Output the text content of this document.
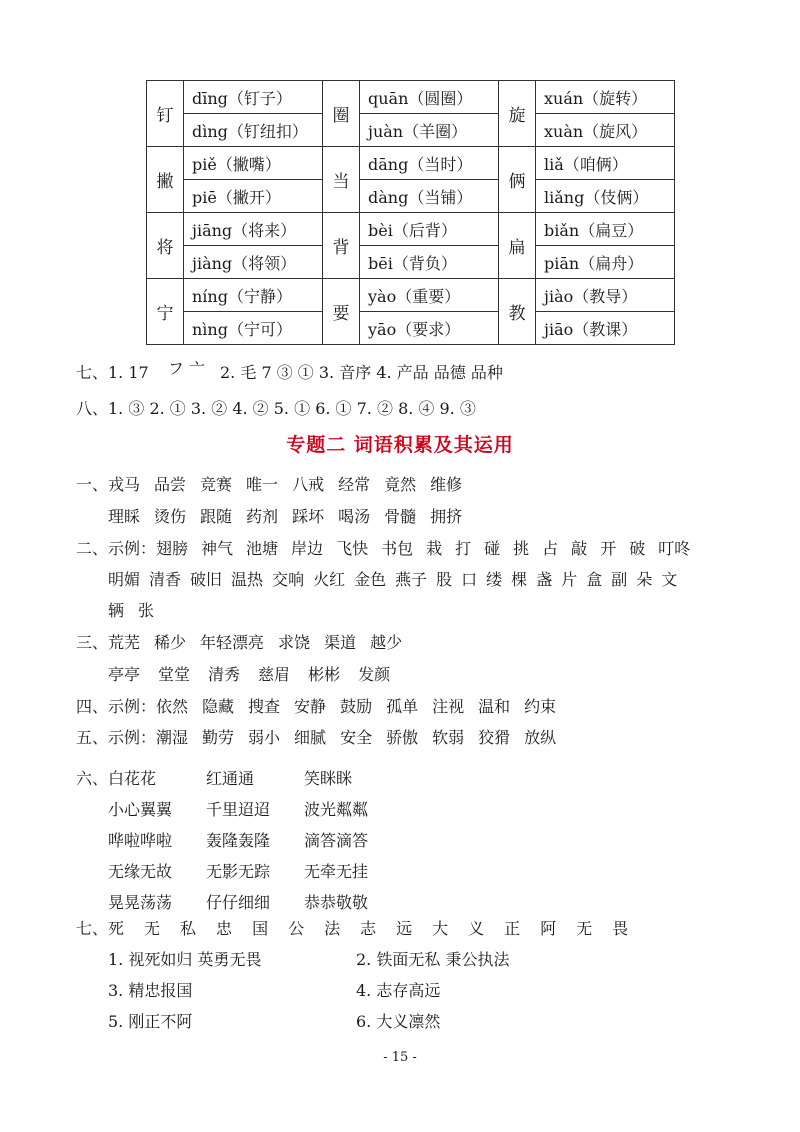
钉	dīng（钉子）	圈	quān（圆圈）	旋	xuán（旋转）
	dìng（钉纽扣）		juàn（羊圈）		xuàn（旋风）
撇	piě（撇嘴）	当	dāng（当时）	俩	liǎ（咱俩）
	piē（撇开）		dàng（当铺）		liǎng（伎俩）
将	jiāng（将来）	背	bèi（后背）	扁	biǎn（扁豆）
	jiàng（将领）		bēi（背负）		piān（扁舟）
宁	níng（宁静）	要	yào（重要）	教	jiào（教导）
	nìng（宁可）		yāo（要求）		jiāo（教课）
七、1. 17 フ 亠 2. 毛 7 ③ ① 3. 音序 4. 产品 品德 品种
八、1. ③ 2. ① 3. ② 4. ② 5. ① 6. ① 7. ② 8. ④ 9. ③
专题二 词语积累及其运用
一、戎马 品尝 竞赛 唯一 八戒 经常 竟然 维修
理睬 烫伤 跟随 药剂 踩坏 喝汤 骨髓 拥挤
二、示例：翅膀 神气 池塘 岸边 飞快 书包 栽 打 碰 挑 占 敲 开 破 叮咚
明媚 清香 破旧 温热 交响 火红 金色 燕子 股 口 缕 棵 盏 片 盒 副 朵 文
辆 张
三、荒芜 稀少 年轻漂亮 求饶 渠道 越少
亭亭 堂堂 清秀 慈眉 彬彬 发颜
四、示例：依然 隐藏 搜查 安静 鼓励 孤单 注视 温和 约束
五、示例：潮湿 勤劳 弱小 细腻 安全 骄傲 软弱 狡猾 放纵
六、白花花	红通通	笑眯眯
小心翼翼 千里迢迢 波光粼粼
哗啦哗啦 轰隆轰隆 滴答滴答
无缘无故 无影无踪 无牵无挂
晃晃荡荡 仔仔细细 恭恭敬敬
七、死 无 私 忠 国 公 法 志 远 大 义 正 阿 无 畏
1. 视死如归 英勇无畏	2. 铁面无私 秉公执法
3. 精忠报国	4. 志存高远
5. 刚正不阿	6. 大义凛然
- 15 -
